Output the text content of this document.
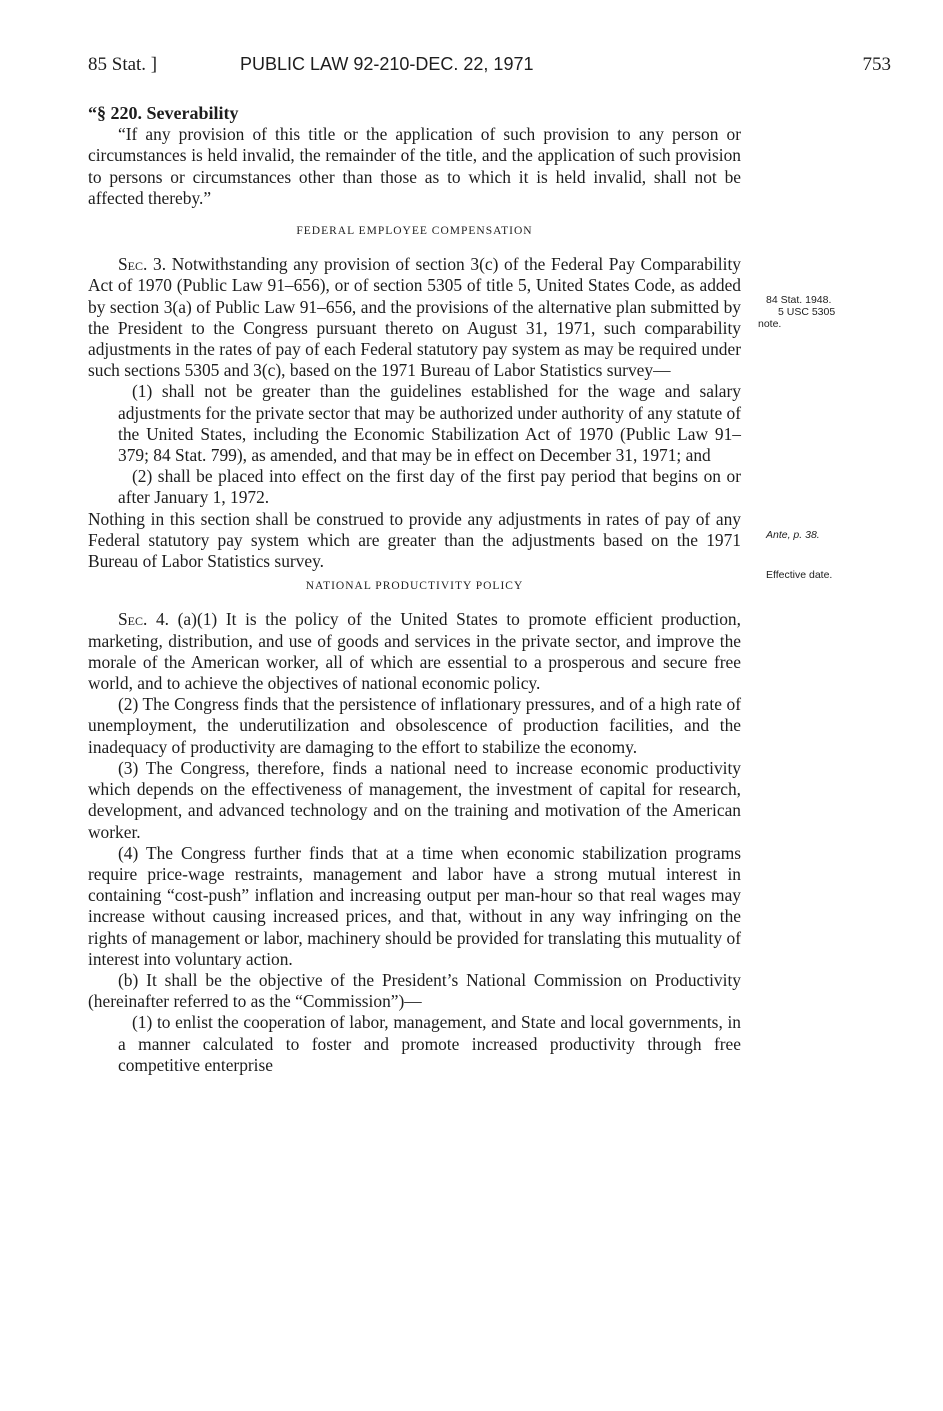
85 Stat. ]	PUBLIC LAW 92-210-DEC. 22, 1971	753

“§ 220. Severability

“If any provision of this title or the application of such provision to any person or circumstances is held invalid, the remainder of the title, and the application of such provision to persons or circumstances other than those as to which it is held invalid, shall not be affected thereby.”

FEDERAL EMPLOYEE COMPENSATION

Sec. 3. Notwithstanding any provision of section 3(c) of the Federal Pay Comparability Act of 1970 (Public Law 91–656), or of section 5305 of title 5, United States Code, as added by section 3(a) of Public Law 91–656, and the provisions of the alternative plan submitted by the President to the Congress pursuant thereto on August 31, 1971, such comparability adjustments in the rates of pay of each Federal statutory pay system as may be required under such sections 5305 and 3(c), based on the 1971 Bureau of Labor Statistics survey—

(1) shall not be greater than the guidelines established for the wage and salary adjustments for the private sector that may be authorized under authority of any statute of the United States, including the Economic Stabilization Act of 1970 (Public Law 91–379; 84 Stat. 799), as amended, and that may be in effect on December 31, 1971; and

(2) shall be placed into effect on the first day of the first pay period that begins on or after January 1, 1972.

Nothing in this section shall be construed to provide any adjustments in rates of pay of any Federal statutory pay system which are greater than the adjustments based on the 1971 Bureau of Labor Statistics survey.

NATIONAL PRODUCTIVITY POLICY

Sec. 4. (a)(1) It is the policy of the United States to promote efficient production, marketing, distribution, and use of goods and services in the private sector, and improve the morale of the American worker, all of which are essential to a prosperous and secure free world, and to achieve the objectives of national economic policy.

(2) The Congress finds that the persistence of inflationary pressures, and of a high rate of unemployment, the underutilization and obsolescence of production facilities, and the inadequacy of productivity are damaging to the effort to stabilize the economy.

(3) The Congress, therefore, finds a national need to increase economic productivity which depends on the effectiveness of management, the investment of capital for research, development, and advanced technology and on the training and motivation of the American worker.

(4) The Congress further finds that at a time when economic stabilization programs require price-wage restraints, management and labor have a strong mutual interest in containing “cost-push” inflation and increasing output per man-hour so that real wages may increase without causing increased prices, and that, without in any way infringing on the rights of management or labor, machinery should be provided for translating this mutuality of interest into voluntary action.

(b) It shall be the objective of the President’s National Commission on Productivity (hereinafter referred to as the “Commission”)—

(1) to enlist the cooperation of labor, management, and State and local governments, in a manner calculated to foster and promote increased productivity through free competitive enterprise

84 Stat. 1948.
5 USC 5305
note.
Ante, p. 38.
Effective date.
